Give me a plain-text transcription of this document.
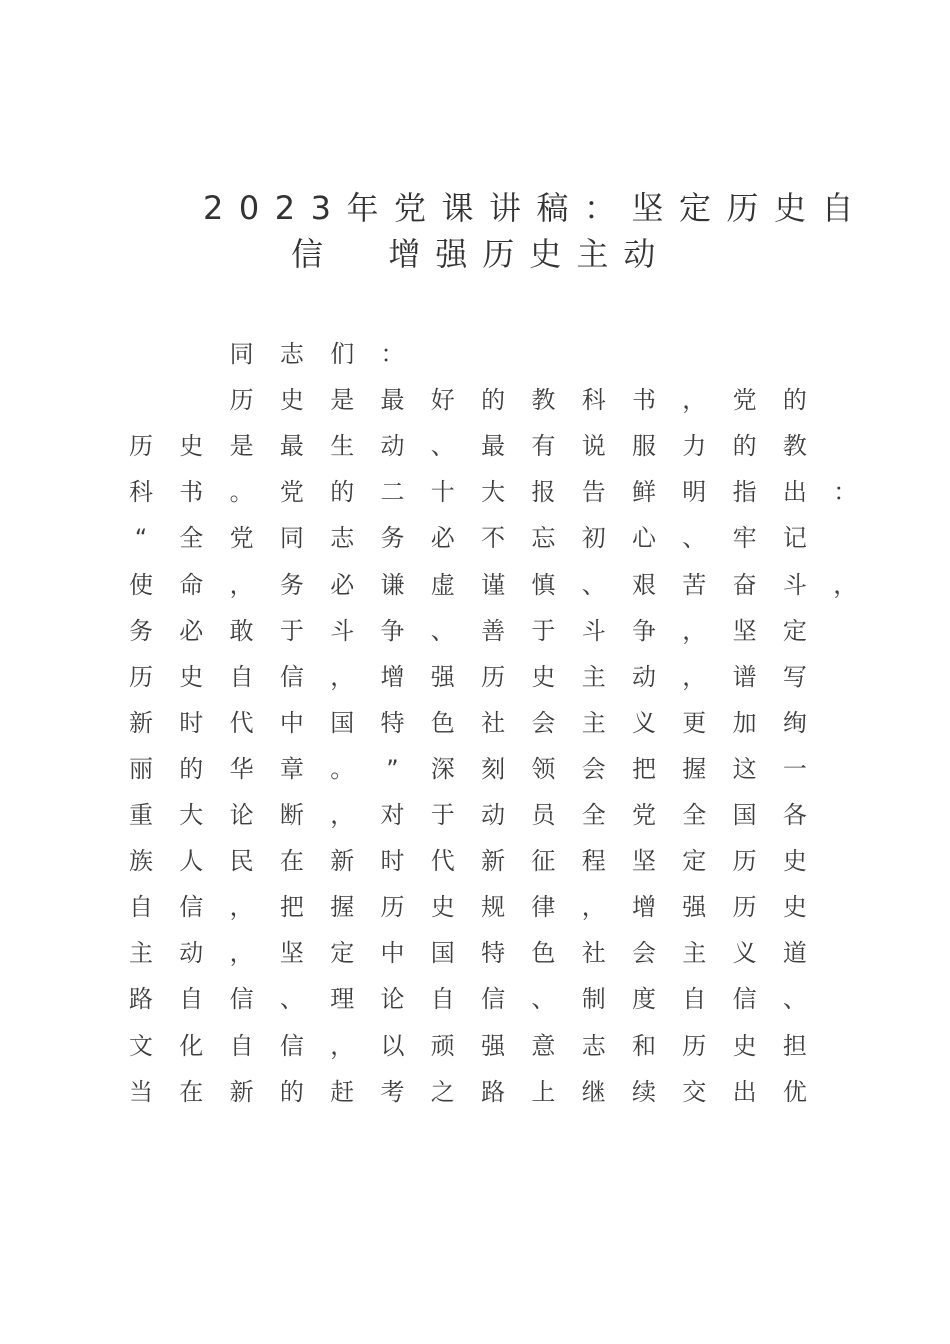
2023年党课讲稿：坚定历史自
信  增强历史主动
同 志 们 ：
历 史 是 最 好 的 教 科 书 ， 党 的
历 史 是 最 生 动 、 最 有 说 服 力 的 教
科 书 。 党 的 二 十 大 报 告 鲜 明 指 出 ：
“	全 党 同 志 务 必 不 忘 初 心 、 牢 记
使 命 ， 务 必 谦 虚 谨 慎 、 艰 苦 奋 斗 ，
务 必 敢 于 斗 争 、 善 于 斗 争 ， 坚 定
历 史 自 信 ， 增 强 历 史 主 动 ， 谱 写
新 时 代 中 国 特 色 社 会 主 义 更 加 绚
丽 的 华 章 。	”	深 刻 领 会 把 握 这 一
重 大 论 断 ， 对 于 动 员 全 党 全 国 各
族 人 民 在 新 时 代 新 征 程 坚 定 历 史
自 信 ， 把 握 历 史 规 律 ， 增 强 历 史
主 动 ， 坚 定 中 国 特 色 社 会 主 义 道
路 自 信 、 理 论 自 信 、 制 度 自 信 、
文 化 自 信 ， 以 顽 强 意 志 和 历 史 担
当 在 新 的 赶 考 之 路 上 继 续 交 出 优
